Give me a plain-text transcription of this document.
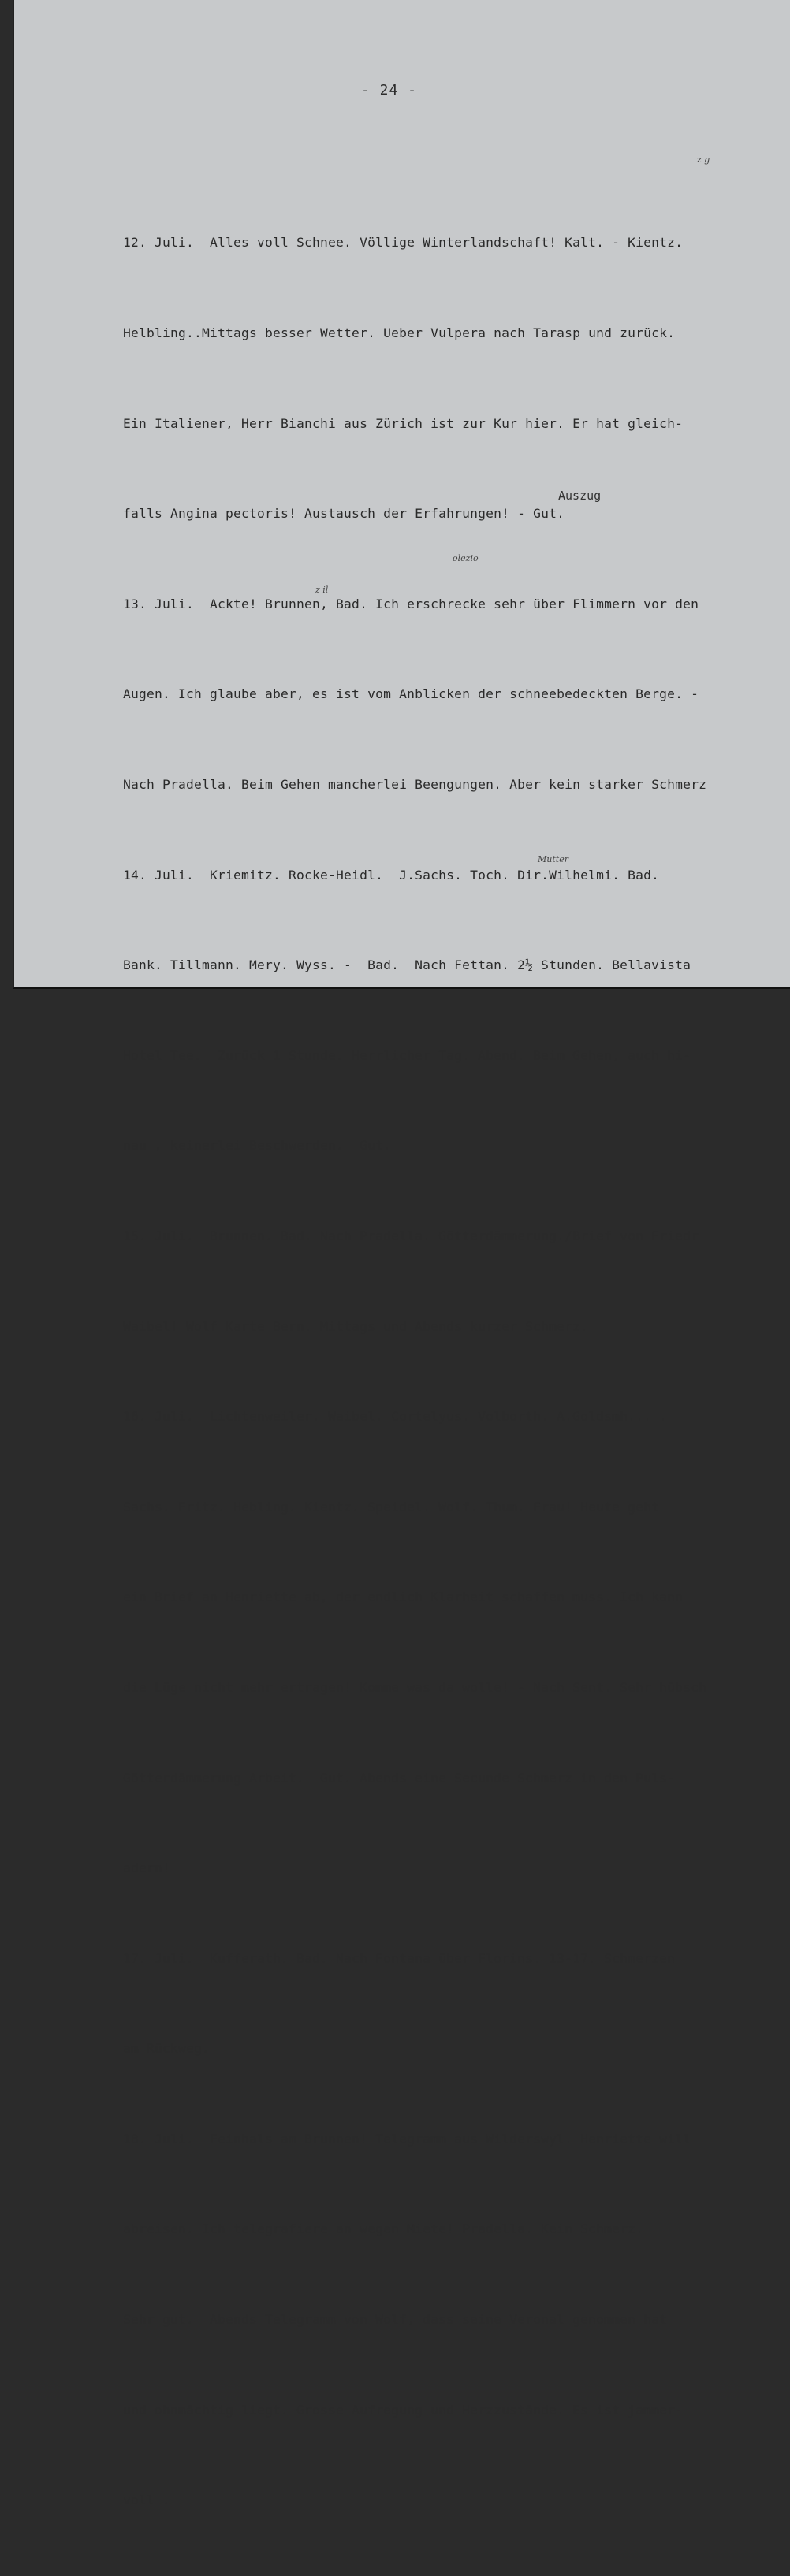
- 24 -
z g
Auszug
olezio
z il
Mutter

12. Juli.  Alles voll Schnee. Völlige Winterlandschaft! Kalt. - Kientz.

Helbling..Mittags besser Wetter. Ueber Vulpera nach Tarasp und zurück.

Ein Italiener, Herr Bianchi aus Zürich ist zur Kur hier. Er hat gleich-

falls Angina pectoris! Austausch der Erfahrungen! - Gut.

13. Juli.  Ackte! Brunnen, Bad. Ich erschrecke sehr über Flimmern vor den

Augen. Ich glaube aber, es ist vom Anblicken der schneebedeckten Berge. -

Nach Pradella. Beim Gehen mancherlei Beengungen. Aber kein starker Schmerz

14. Juli.  Kriemitz. Rocke-Heidl.  J.Sachs. Toch. Dir.Wilhelmi. Bad.

Bank. Tillmann. Mery. Wyss. -  Bad.  Nach Fettan. 2½ Stunden. Bellavista

Hotel Tee.  Zurück 1 Stunde. Herrlicher Tag. Abend. Beim Gehen, auch hi-

nau , keinerlei Beschwerden.  Gut.

15. Juli.  Brunnen. Bad. Nach Pradella. Götterdämmerung./Brief von Friedr

Waibel! Wolf Karte Bern. Mittags und Abends kurzer Schmerz.

16. Juli.  Lichtenweiler. Waibel. Cortelyus. Volborth. A.Goldsmh... .

Sachs. Fritz. Hebling. Kientz. Speidel. Wolf. Thum. Frau! Heute geht

ein Brief an Henriette ab, der endlich Klarheit schaffen muss. Ich kann

die Lüge nicht mehr ertragen! Komme was da wolle! - Nach Sent. Sehr hübsch

Götterdämmerung Arbeit.  Gut. Abends eine Secunde Schmerz in den Puls-

adern!

17. Juli.  Kufferath. Bad. Nach Fontana über Florins. 13-17. Schmerzen

am Rückweg.

18. Juli.  Feinhals am Brunnen! Telegramm aus Wilderswyl. Henriette will

abreisen. Ich telegrafiere an wegen Miete! Pradella. Kein Schmerz.

Sehr gut.  Abends Telegramm von Wolf, dass seine Veronal genommen hat

und ohnmächtig liegt. Grosse Aufregung und Herzzustände. Es ist jammer-

voll .
